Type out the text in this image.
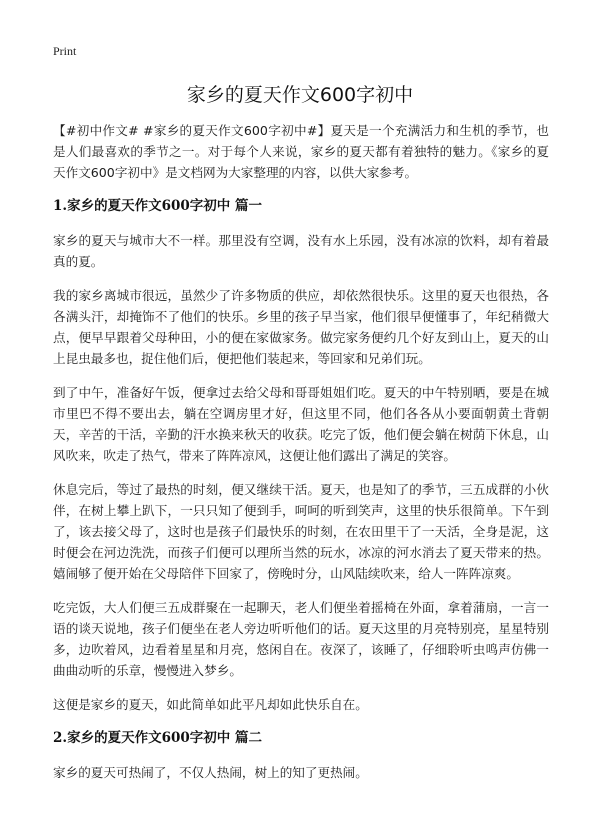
Print
家乡的夏天作文600字初中

【#初中作文# #家乡的夏天作文600字初中#】夏天是一个充满活力和生机的季节，也是人们最喜欢的季节之一。对于每个人来说，家乡的夏天都有着独特的魅力。《家乡的夏天作文600字初中》是文档网为大家整理的内容，以供大家参考。

1.家乡的夏天作文600字初中 篇一

家乡的夏天与城市大不一样。那里没有空调，没有水上乐园，没有冰凉的饮料，却有着最真的夏。

我的家乡离城市很远，虽然少了许多物质的供应，却依然很快乐。这里的夏天也很热，各各满头汗，却掩饰不了他们的快乐。乡里的孩子早当家，他们很早便懂事了，年纪稍微大点，便早早跟着父母种田，小的便在家做家务。做完家务便约几个好友到山上，夏天的山上昆虫最多也，捉住他们后，便把他们装起来，等回家和兄弟们玩。

到了中午，准备好午饭，便拿过去给父母和哥哥姐姐们吃。夏天的中午特别晒，要是在城市里巴不得不要出去，躺在空调房里才好，但这里不同，他们各各从小要面朝黄土背朝天，辛苦的干活，辛勤的汗水换来秋天的收获。吃完了饭，他们便会躺在树荫下休息，山风吹来，吹走了热气，带来了阵阵凉风，这便让他们露出了满足的笑容。

休息完后，等过了最热的时刻，便又继续干活。夏天，也是知了的季节，三五成群的小伙伴，在树上攀上趴下，一只只知了便到手，呵呵的听到笑声，这里的快乐很简单。下午到了，该去接父母了，这时也是孩子们最快乐的时刻，在农田里干了一天活，全身是泥，这时便会在河边洗洗，而孩子们便可以理所当然的玩水，冰凉的河水消去了夏天带来的热。嬉闹够了便开始在父母陪伴下回家了，傍晚时分，山风陆续吹来，给人一阵阵凉爽。

吃完饭，大人们便三五成群聚在一起聊天，老人们便坐着摇椅在外面，拿着蒲扇，一言一语的谈天说地，孩子们便坐在老人旁边听听他们的话。夏天这里的月亮特别亮，星星特别多，边吹着风，边看着星星和月亮，悠闲自在。夜深了，该睡了，仔细聆听虫鸣声仿佛一曲曲动听的乐章，慢慢进入梦乡。

这便是家乡的夏天，如此简单如此平凡却如此快乐自在。

2.家乡的夏天作文600字初中 篇二

家乡的夏天可热闹了，不仅人热闹，树上的知了更热闹。
